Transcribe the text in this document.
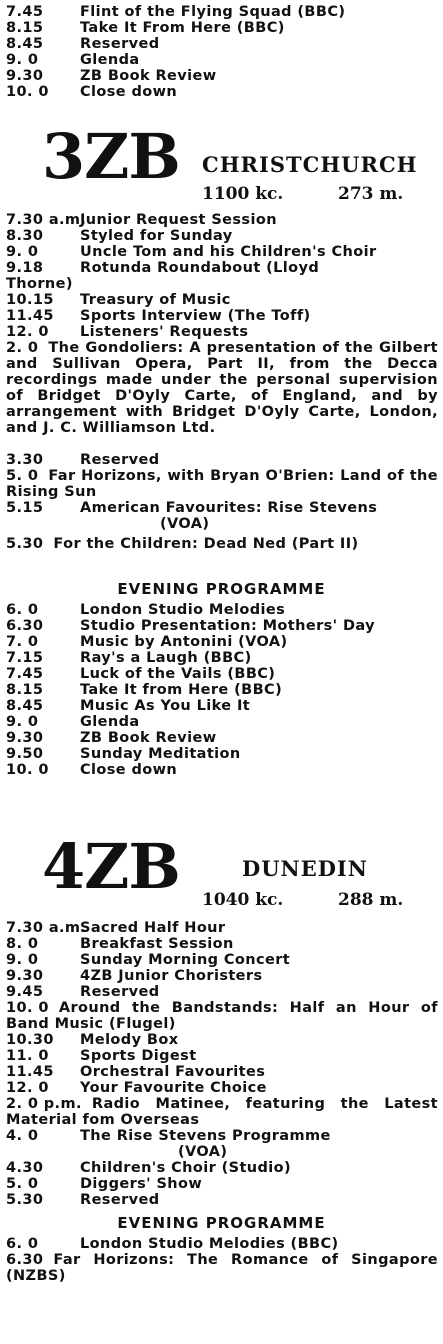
7.45	Flint of the Flying Squad (BBC)
8.15	Take It From Here (BBC)
8.45	Reserved
9. 0	Glenda
9.30	ZB Book Review
10. 0 Close down
3ZB CHRISTCHURCH
1100 kc.	273 m.
7.30 a.m.Junior Request Session
8.30	Styled for Sunday
9. 0	Uncle Tom and his Children's Choir
9.18	Rotunda Roundabout (Lloyd
Thorne)
10.15 Treasury of Music
11.45 Sports Interview (The Toff)
12. 0 Listeners' Requests
2. 0 The Gondoliers: A presentation of the Gilbert and Sullivan Opera, Part II, from the Decca recordings made under the personal supervision of Bridget D'Oyly Carte, of England, and by arrangement with Bridget D'Oyly Carte, London, and J. C. Williamson Ltd.
3.30	Reserved
5. 0 Far Horizons, with Bryan O'Brien: Land of the Rising Sun
5.15	American Favourites: Rise Stevens
(VOA)
5.30 For the Children: Dead Ned (Part II)
EVENING PROGRAMME
6. 0	London Studio Melodies
6.30	Studio Presentation: Mothers' Day
7. 0	Music by Antonini (VOA)
7.15	Ray's a Laugh (BBC)
7.45	Luck of the Vails (BBC)
8.15	Take It from Here (BBC)
8.45	Music As You Like It
9. 0	Glenda
9.30	ZB Book Review
9.50	Sunday Meditation
10. 0 Close down
4ZB	DUNEDIN
1040 kc.	288 m.
7.30 a.m.Sacred Half Hour
8. 0	Breakfast Session
9. 0	Sunday Morning Concert
9.30	4ZB Junior Choristers
9.45	Reserved
10. 0 Around the Bandstands: Half an Hour of Band Music (Flugel)
10.30 Melody Box
11. 0 Sports Digest
11.45 Orchestral Favourites
12. 0 Your Favourite Choice
2. 0 p.m. Radio Matinee, featuring the Latest Material fom Overseas
4. 0	The Rise Stevens Programme
(VOA)
4.30	Children's Choir (Studio)
5. 0	Diggers' Show
5.30	Reserved
EVENING PROGRAMME
6. 0	London Studio Melodies (BBC)
6.30 Far Horizons: The Romance of Singapore (NZBS)
